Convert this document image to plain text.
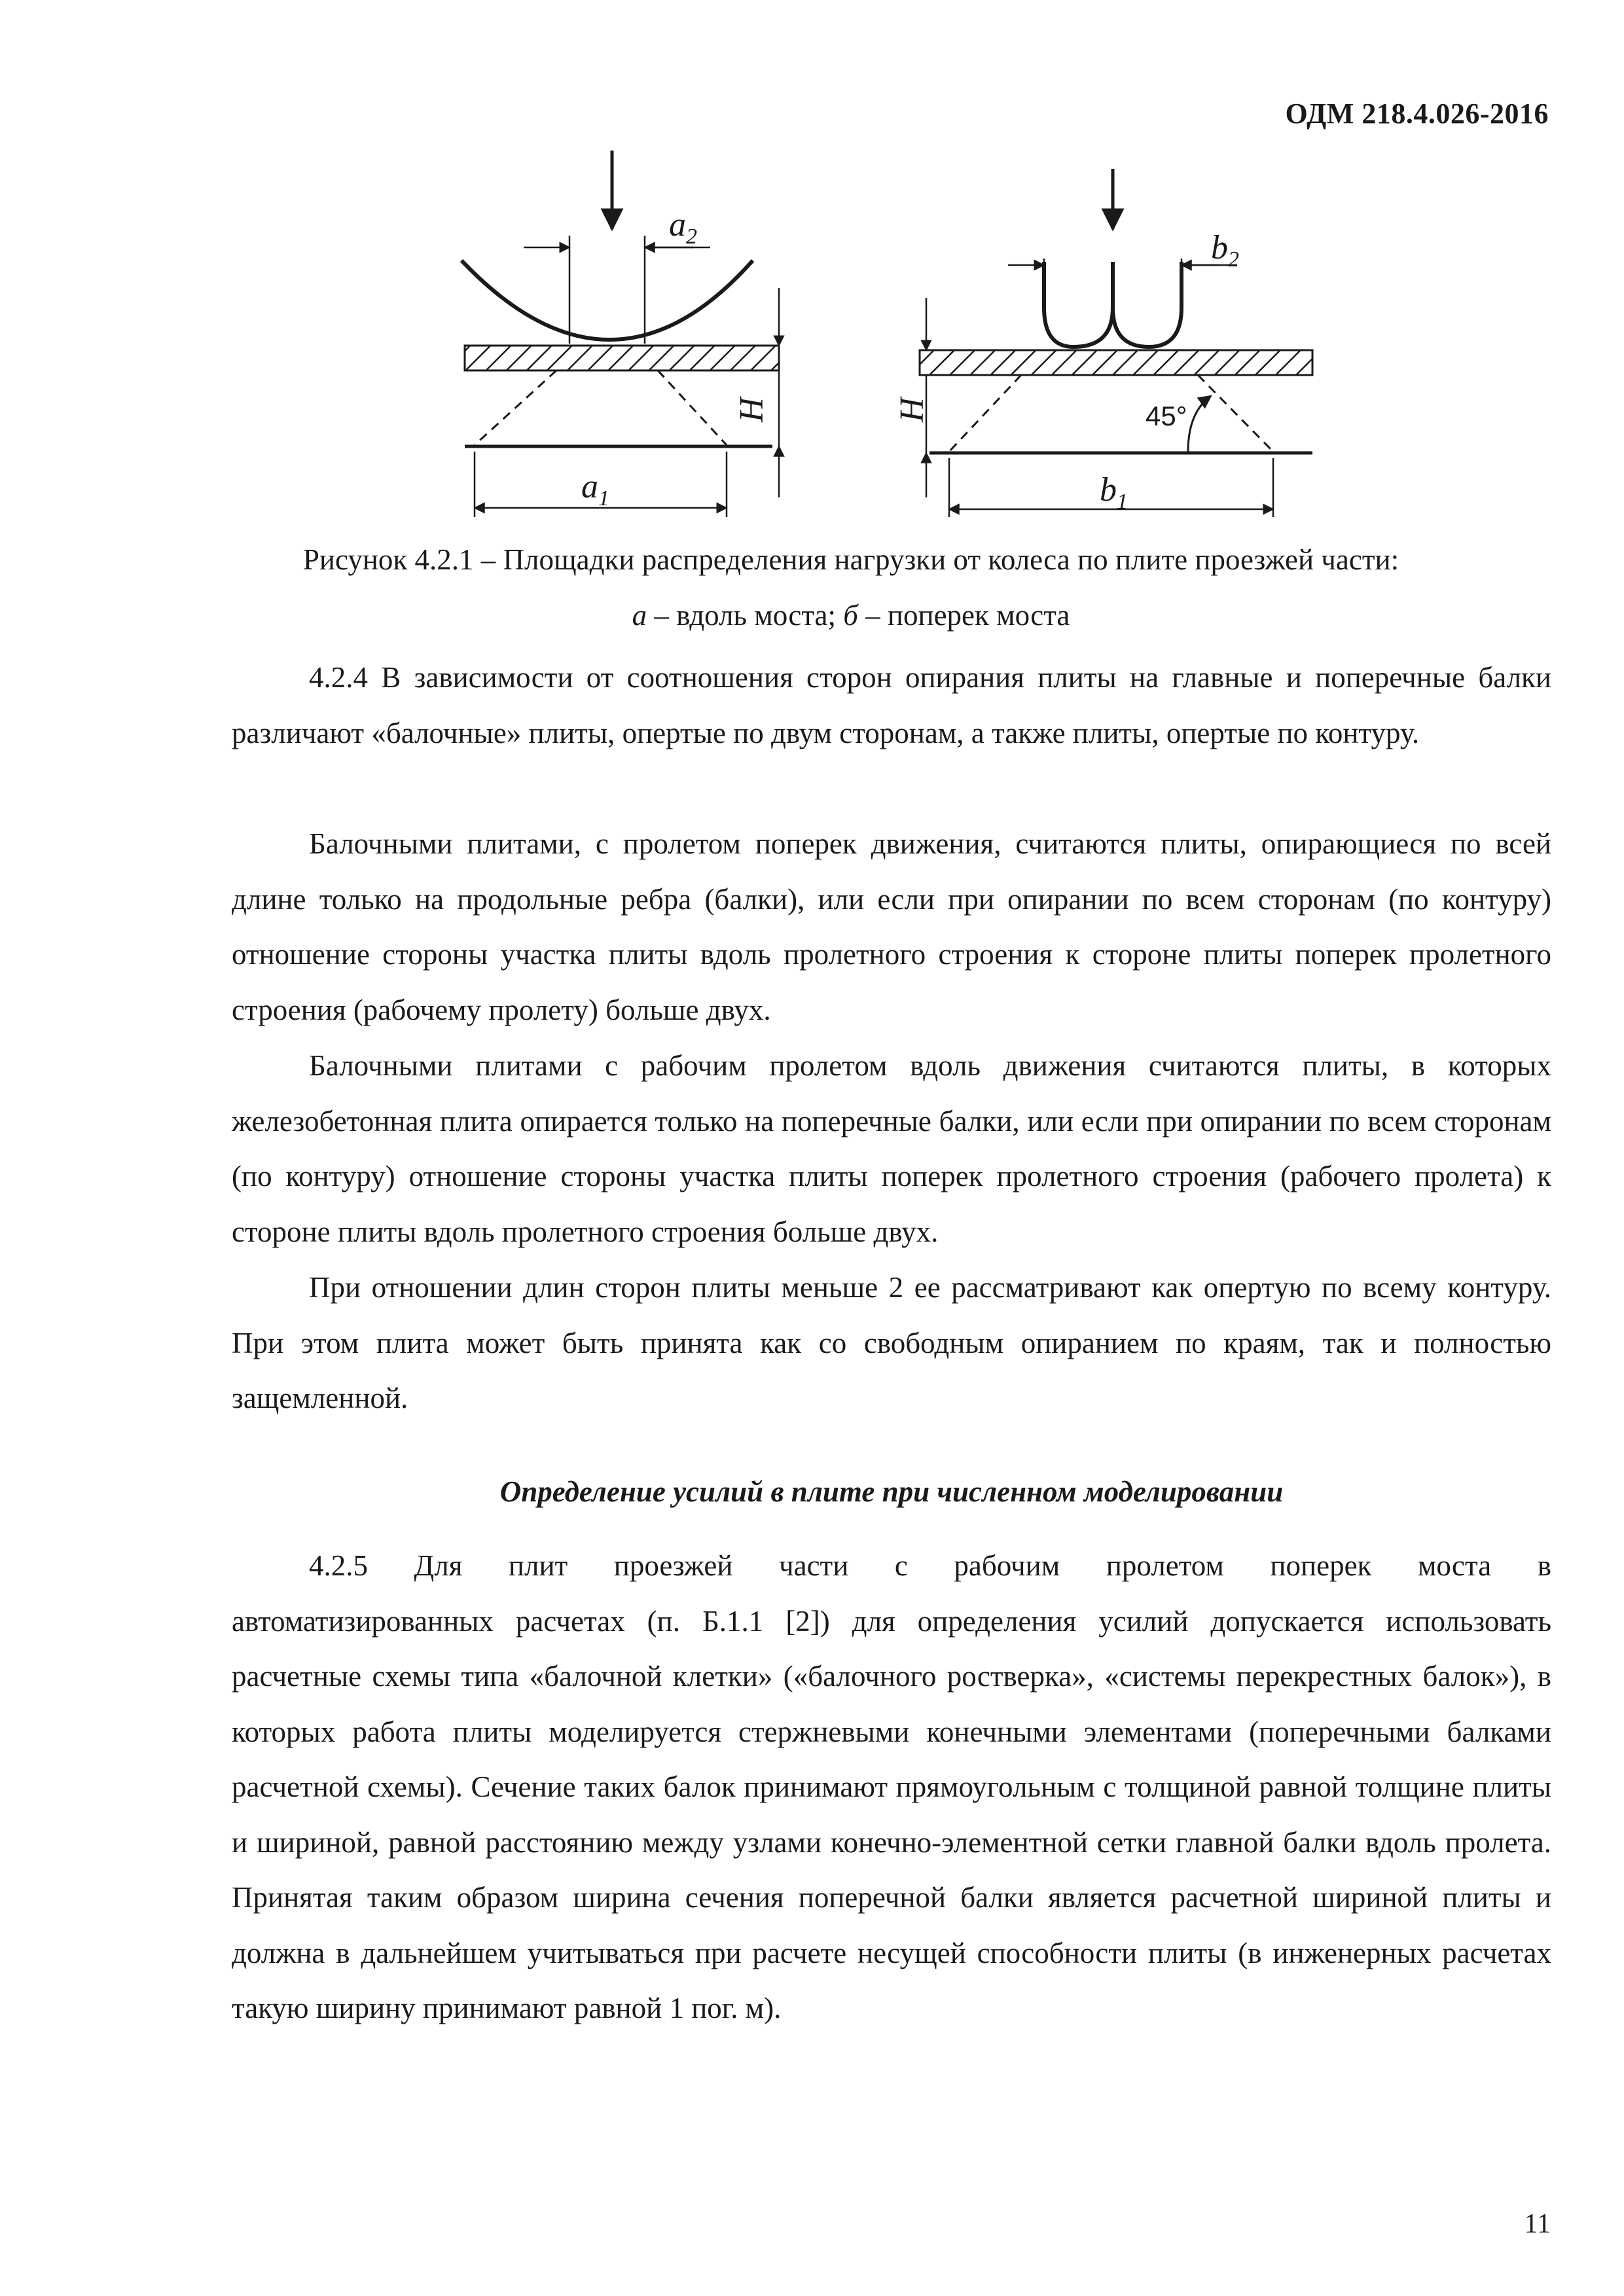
ОДМ 218.4.026-2016
$a_2$
$a_1$
H
$b_2$
$b_1$
H	45°

Рисунок 4.2.1 – Площадки распределения нагрузки от колеса по плите проезжей части:

а – вдоль моста; б – поперек моста

4.2.4 В зависимости от соотношения сторон опирания плиты на главные и поперечные балки различают «балочные» плиты, опертые по двум сторонам, а также плиты, опертые по контуру.

Балочными плитами, с пролетом поперек движения, считаются плиты, опирающиеся по всей длине только на продольные ребра (балки), или если при опирании по всем сторонам (по контуру) отношение стороны участка плиты вдоль пролетного строения к стороне плиты поперек пролетного строения (рабочему пролету) больше двух.

Балочными плитами с рабочим пролетом вдоль движения считаются плиты, в которых железобетонная плита опирается только на поперечные балки, или если при опирании по всем сторонам (по контуру) отношение стороны участка плиты поперек пролетного строения (рабочего пролета) к стороне плиты вдоль пролетного строения больше двух.

При отношении длин сторон плиты меньше 2 ее рассматривают как опертую по всему контуру. При этом плита может быть принята как со свободным опиранием по краям, так и полностью защемленной.

Определение усилий в плите при численном моделировании
4.2.5 Для плит проезжей части с рабочим пролетом поперек моста в
автоматизированных расчетах (п. Б.1.1 [2]) для определения усилий допускается использовать расчетные схемы типа «балочной клетки» («балочного ростверка», «системы перекрестных балок»), в которых работа плиты моделируется стержневыми конечными элементами (поперечными балками расчетной схемы). Сечение таких балок принимают прямоугольным с толщиной равной толщине плиты и шириной, равной расстоянию между узлами конечно-элементной сетки главной балки вдоль пролета. Принятая таким образом ширина сечения поперечной балки является расчетной шириной плиты и должна в дальнейшем учитываться при расчете несущей способности плиты (в инженерных расчетах такую ширину принимают равной 1 пог. м).

11
